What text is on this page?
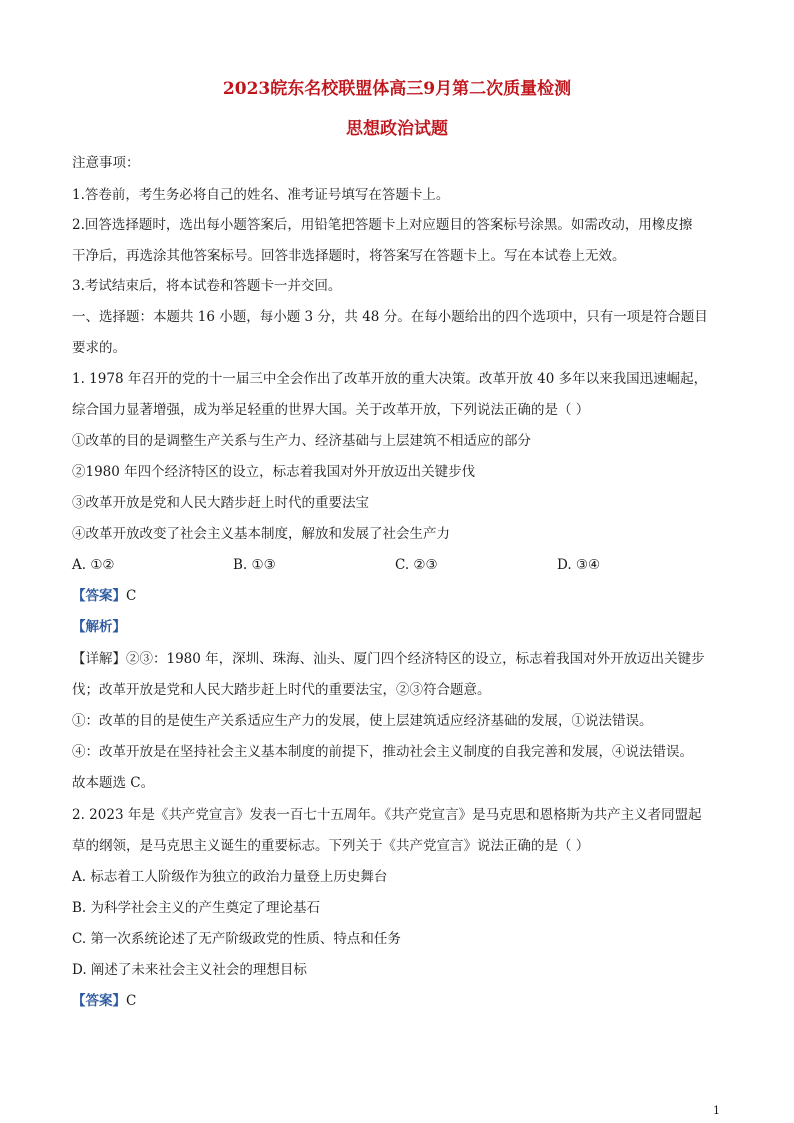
2023皖东名校联盟体高三9月第二次质量检测
思想政治试题
注意事项：
1.答卷前，考生务必将自己的姓名、准考证号填写在答题卡上。
2.回答选择题时，选出每小题答案后，用铅笔把答题卡上对应题目的答案标号涂黑。如需改动，用橡皮擦
干净后，再选涂其他答案标号。回答非选择题时，将答案写在答题卡上。写在本试卷上无效。
3.考试结束后，将本试卷和答题卡一并交回。
一、选择题：本题共 16 小题，每小题 3 分，共 48 分。在每小题给出的四个选项中，只有一项是符合题目
要求的。
1. 1978 年召开的党的十一届三中全会作出了改革开放的重大决策。改革开放 40 多年以来我国迅速崛起，
综合国力显著增强，成为举足轻重的世界大国。关于改革开放，下列说法正确的是（ ）
①改革的目的是调整生产关系与生产力、经济基础与上层建筑不相适应的部分
②1980 年四个经济特区的设立，标志着我国对外开放迈出关键步伐
③改革开放是党和人民大踏步赶上时代的重要法宝
④改革开放改变了社会主义基本制度，解放和发展了社会生产力
A. ①②	B. ①③	C. ②③	D. ③④
【答案】C
【解析】
【详解】②③：1980 年，深圳、珠海、汕头、厦门四个经济特区的设立，标志着我国对外开放迈出关键步
伐；改革开放是党和人民大踏步赶上时代的重要法宝，②③符合题意。
①：改革的目的是使生产关系适应生产力的发展，使上层建筑适应经济基础的发展，①说法错误。
④：改革开放是在坚持社会主义基本制度的前提下，推动社会主义制度的自我完善和发展，④说法错误。
故本题选 C。
2. 2023 年是《共产党宣言》发表一百七十五周年。《共产党宣言》是马克思和恩格斯为共产主义者同盟起
草的纲领，是马克思主义诞生的重要标志。下列关于《共产党宣言》说法正确的是（ ）
A. 标志着工人阶级作为独立的政治力量登上历史舞台
B. 为科学社会主义的产生奠定了理论基石
C. 第一次系统论述了无产阶级政党的性质、特点和任务
D. 阐述了未来社会主义社会的理想目标
【答案】C
1
